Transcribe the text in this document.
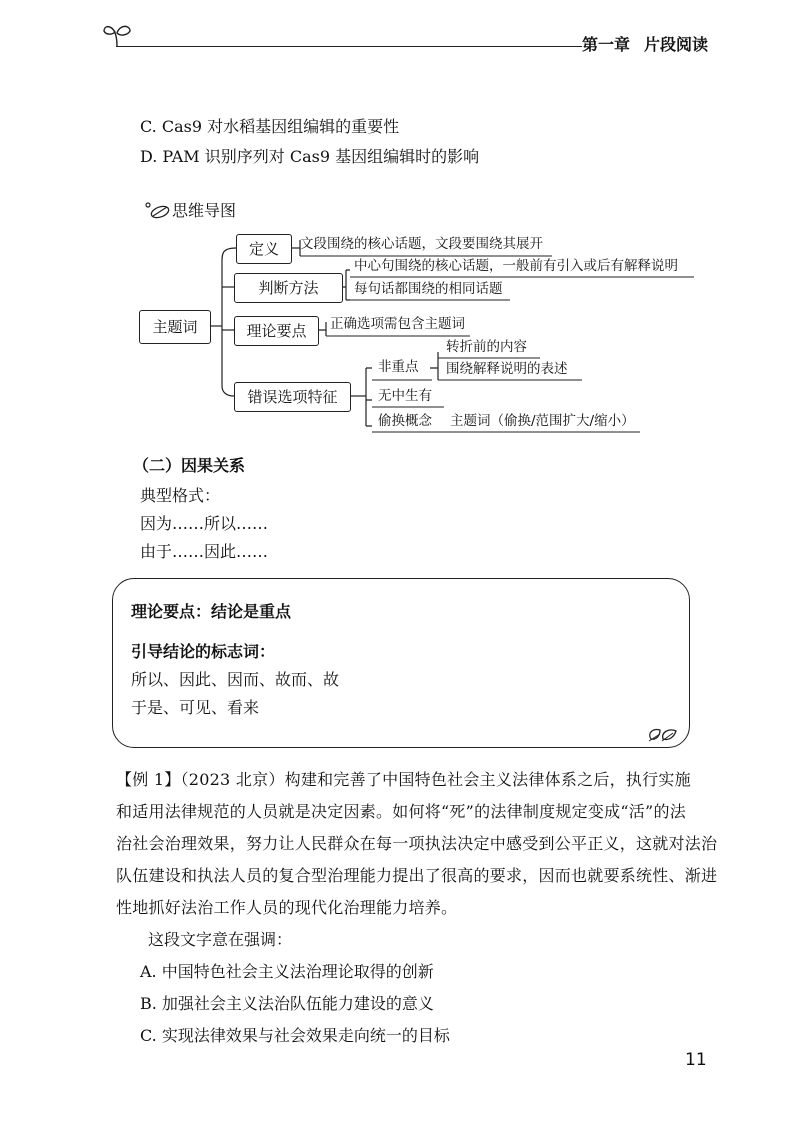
第一章 片段阅读
C. Cas9 对水稻基因组编辑的重要性
D. PAM 识别序列对 Cas9 基因组编辑时的影响
思维导图
主题词
定义
判断方法
理论要点
错误选项特征
文段围绕的核心话题，文段要围绕其展开
中心句围绕的核心话题，一般前有引入或后有解释说明
每句话都围绕的相同话题
正确选项需包含主题词
非重点
转折前的内容
围绕解释说明的表述
无中生有
偷换概念 主题词（偷换/范围扩大/缩小）
（二）因果关系
典型格式：
因为……所以……
由于……因此……
理论要点：结论是重点
引导结论的标志词：
所以、因此、因而、故而、故
于是、可见、看来
【例 1】（2023 北京）构建和完善了中国特色社会主义法律体系之后，执行实施
和适用法律规范的人员就是决定因素。如何将“死”的法律制度规定变成“活”的法
治社会治理效果，努力让人民群众在每一项执法决定中感受到公平正义，这就对法治
队伍建设和执法人员的复合型治理能力提出了很高的要求，因而也就要系统性、渐进
性地抓好法治工作人员的现代化治理能力培养。
这段文字意在强调：
A. 中国特色社会主义法治理论取得的创新
B. 加强社会主义法治队伍能力建设的意义
C. 实现法律效果与社会效果走向统一的目标
11
